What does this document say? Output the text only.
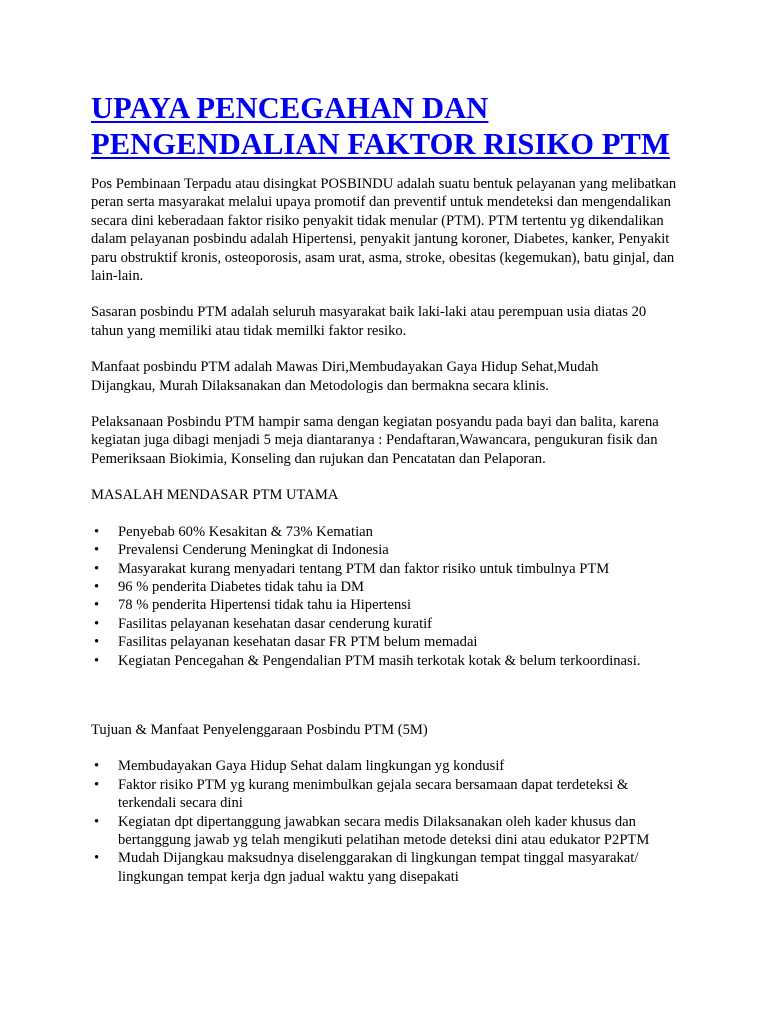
UPAYA PENCEGAHAN DAN
PENGENDALIAN FAKTOR RISIKO PTM

Pos Pembinaan Terpadu atau disingkat POSBINDU adalah suatu bentuk pelayanan yang melibatkan peran serta masyarakat melalui upaya promotif dan preventif untuk mendeteksi dan mengendalikan secara dini keberadaan faktor risiko penyakit tidak menular (PTM). PTM tertentu yg dikendalikan dalam pelayanan posbindu adalah Hipertensi, penyakit jantung koroner, Diabetes, kanker, Penyakit paru obstruktif kronis, osteoporosis, asam urat, asma, stroke, obesitas (kegemukan), batu ginjal, dan lain-lain.

Sasaran posbindu PTM adalah seluruh masyarakat baik laki-laki atau perempuan usia diatas 20 tahun yang memiliki atau tidak memilki faktor resiko.

Manfaat posbindu PTM adalah Mawas Diri,Membudayakan Gaya Hidup Sehat,Mudah Dijangkau, Murah Dilaksanakan dan Metodologis dan bermakna secara klinis.

Pelaksanaan Posbindu PTM hampir sama dengan kegiatan posyandu pada bayi dan balita, karena kegiatan juga dibagi menjadi 5 meja diantaranya : Pendaftaran,Wawancara, pengukuran fisik dan Pemeriksaan Biokimia, Konseling dan rujukan dan Pencatatan dan Pelaporan.

MASALAH MENDASAR PTM UTAMA

• Penyebab 60% Kesakitan & 73% Kematian
• Prevalensi Cenderung Meningkat di Indonesia
• Masyarakat kurang menyadari tentang PTM dan faktor risiko untuk timbulnya PTM
• 96 % penderita Diabetes tidak tahu ia DM
• 78 % penderita Hipertensi tidak tahu ia Hipertensi
• Fasilitas pelayanan kesehatan dasar cenderung kuratif
• Fasilitas pelayanan kesehatan dasar FR PTM belum memadai
• Kegiatan Pencegahan & Pengendalian PTM masih terkotak kotak & belum terkoordinasi.

Tujuan & Manfaat Penyelenggaraan Posbindu PTM (5M)

• Membudayakan Gaya Hidup Sehat dalam lingkungan yg kondusif
• Faktor risiko PTM yg kurang menimbulkan gejala secara bersamaan dapat terdeteksi & terkendali secara dini
• Kegiatan dpt dipertanggung jawabkan secara medis Dilaksanakan oleh kader khusus dan bertanggung jawab yg telah mengikuti pelatihan metode deteksi dini atau edukator P2PTM
• Mudah Dijangkau maksudnya diselenggarakan di lingkungan tempat tinggal masyarakat/ lingkungan tempat kerja dgn jadual waktu yang disepakati
